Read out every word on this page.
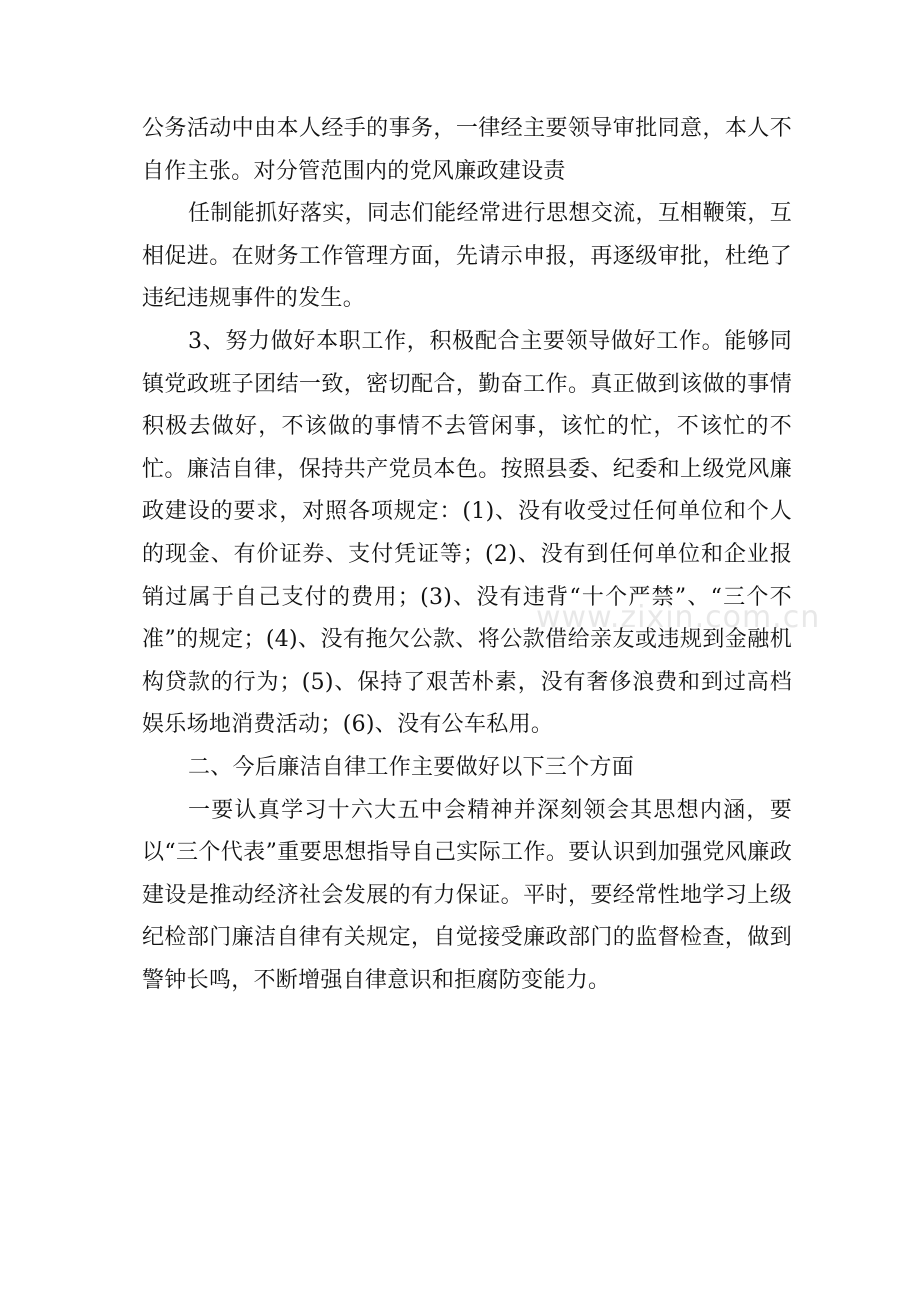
公务活动中由本人经手的事务，一律经主要领导审批同意，本人不自作主张。对分管范围内的党风廉政建设责

任制能抓好落实，同志们能经常进行思想交流，互相鞭策，互相促进。在财务工作管理方面，先请示申报，再逐级审批，杜绝了违纪违规事件的发生。

3、努力做好本职工作，积极配合主要领导做好工作。能够同镇党政班子团结一致，密切配合，勤奋工作。真正做到该做的事情积极去做好，不该做的事情不去管闲事，该忙的忙，不该忙的不忙。廉洁自律，保持共产党员本色。按照县委、纪委和上级党风廉政建设的要求，对照各项规定：(1)、没有收受过任何单位和个人的现金、有价证券、支付凭证等；(2)、没有到任何单位和企业报销过属于自己支付的费用；(3)、没有违背“十个严禁”、“三个不准”的规定；(4)、没有拖欠公款、将公款借给亲友或违规到金融机构贷款的行为；(5)、保持了艰苦朴素，没有奢侈浪费和到过高档娱乐场地消费活动；(6)、没有公车私用。

二、今后廉洁自律工作主要做好以下三个方面

一要认真学习十六大五中会精神并深刻领会其思想内涵，要以“三个代表”重要思想指导自己实际工作。要认识到加强党风廉政建设是推动经济社会发展的有力保证。平时，要经常性地学习上级纪检部门廉洁自律有关规定，自觉接受廉政部门的监督检查，做到警钟长鸣，不断增强自律意识和拒腐防变能力。

www.zixin.com.cn
